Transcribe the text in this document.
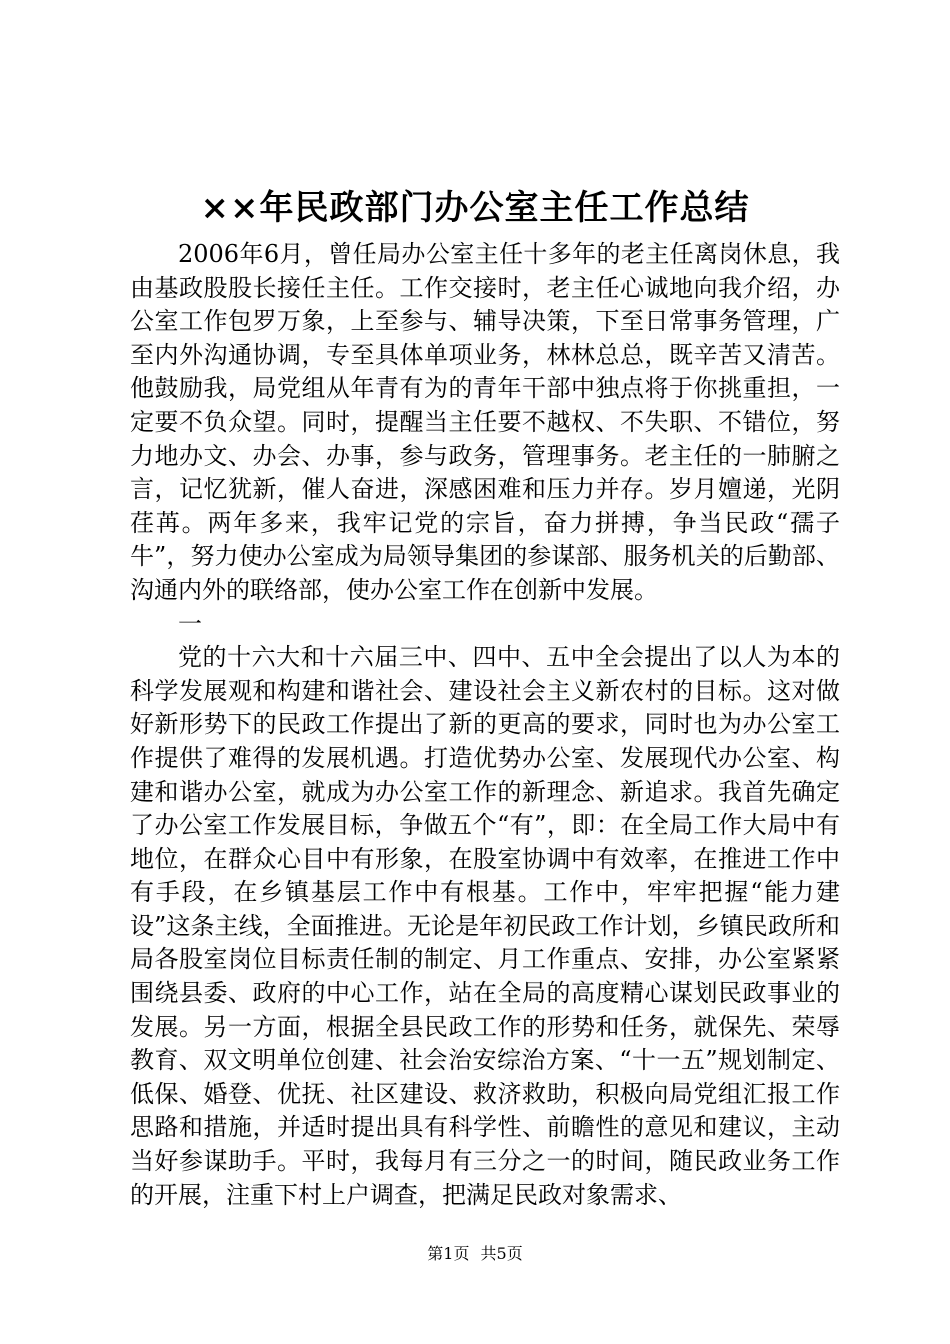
××年民政部门办公室主任工作总结

2006年6月，曾任局办公室主任十多年的老主任离岗休息，我由基政股股长接任主任。工作交接时，老主任心诚地向我介绍，办公室工作包罗万象，上至参与、辅导决策，下至日常事务管理，广至内外沟通协调，专至具体单项业务，林林总总，既辛苦又清苦。他鼓励我，局党组从年青有为的青年干部中独点将于你挑重担，一定要不负众望。同时，提醒当主任要不越权、不失职、不错位，努力地办文、办会、办事，参与政务，管理事务。老主任的一肺腑之言，记忆犹新，催人奋进，深感困难和压力并存。岁月嬗递，光阴荏苒。两年多来，我牢记党的宗旨，奋力拼搏，争当民政“孺子牛”，努力使办公室成为局领导集团的参谋部、服务机关的后勤部、沟通内外的联络部，使办公室工作在创新中发展。

一

党的十六大和十六届三中、四中、五中全会提出了以人为本的科学发展观和构建和谐社会、建设社会主义新农村的目标。这对做好新形势下的民政工作提出了新的更高的要求，同时也为办公室工作提供了难得的发展机遇。打造优势办公室、发展现代办公室、构建和谐办公室，就成为办公室工作的新理念、新追求。我首先确定了办公室工作发展目标，争做五个“有”，即：在全局工作大局中有地位，在群众心目中有形象，在股室协调中有效率，在推进工作中有手段，在乡镇基层工作中有根基。工作中，牢牢把握“能力建设”这条主线，全面推进。无论是年初民政工作计划，乡镇民政所和局各股室岗位目标责任制的制定、月工作重点、安排，办公室紧紧围绕县委、政府的中心工作，站在全局的高度精心谋划民政事业的发展。另一方面，根据全县民政工作的形势和任务，就保先、荣辱教育、双文明单位创建、社会治安综治方案、“十一五”规划制定、低保、婚登、优抚、社区建设、救济救助，积极向局党组汇报工作思路和措施，并适时提出具有科学性、前瞻性的意见和建议，主动当好参谋助手。平时，我每月有三分之一的时间，随民政业务工作的开展，注重下村上户调查，把满足民政对象需求、

第1页 共5页
